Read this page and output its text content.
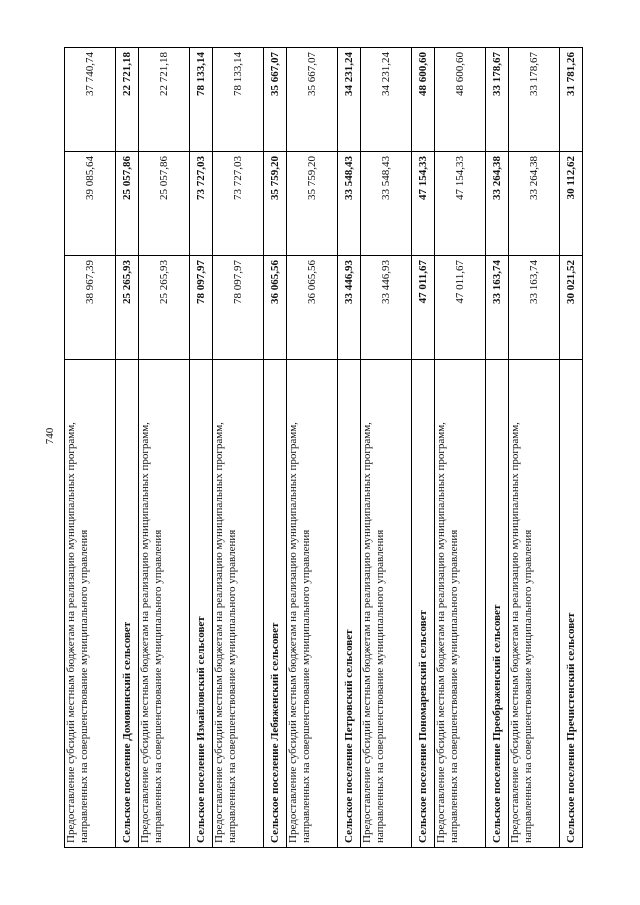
740 Предоставление субсидий местным бюджетам на реализацию муниципальных программ, направленных на совершенствование муниципального управления	38 967,39	39 085,64	37 740,74
Сельское поселение Домовинский сельсовет	25 265,93	25 057,86	22 721,18
Предоставление субсидий местным бюджетам на реализацию муниципальных программ, направленных на совершенствование муниципального управления	25 265,93	25 057,86	22 721,18
Сельское поселение Измайловский сельсовет	78 097,97	73 727,03	78 133,14
Предоставление субсидий местным бюджетам на реализацию муниципальных программ, направленных на совершенствование муниципального управления	78 097,97	73 727,03	78 133,14
Сельское поселение Лебяженский сельсовет	36 065,56	35 759,20	35 667,07
Предоставление субсидий местным бюджетам на реализацию муниципальных программ, направленных на совершенствование муниципального управления	36 065,56	35 759,20	35 667,07
Сельское поселение Петровский сельсовет	33 446,93	33 548,43	34 231,24
Предоставление субсидий местным бюджетам на реализацию муниципальных программ, направленных на совершенствование муниципального управления	33 446,93	33 548,43	34 231,24
Сельское поселение Пономаревский сельсовет	47 011,67	47 154,33	48 600,60
Предоставление субсидий местным бюджетам на реализацию муниципальных программ, направленных на совершенствование муниципального управления	47 011,67	47 154,33	48 600,60
Сельское поселение Преображенский сельсовет	33 163,74	33 264,38	33 178,67
Предоставление субсидий местным бюджетам на реализацию муниципальных программ, направленных на совершенствование муниципального управления	33 163,74	33 264,38	33 178,67
Сельское поселение Пречистенский сельсовет	30 021,52	30 112,62	31 781,26
